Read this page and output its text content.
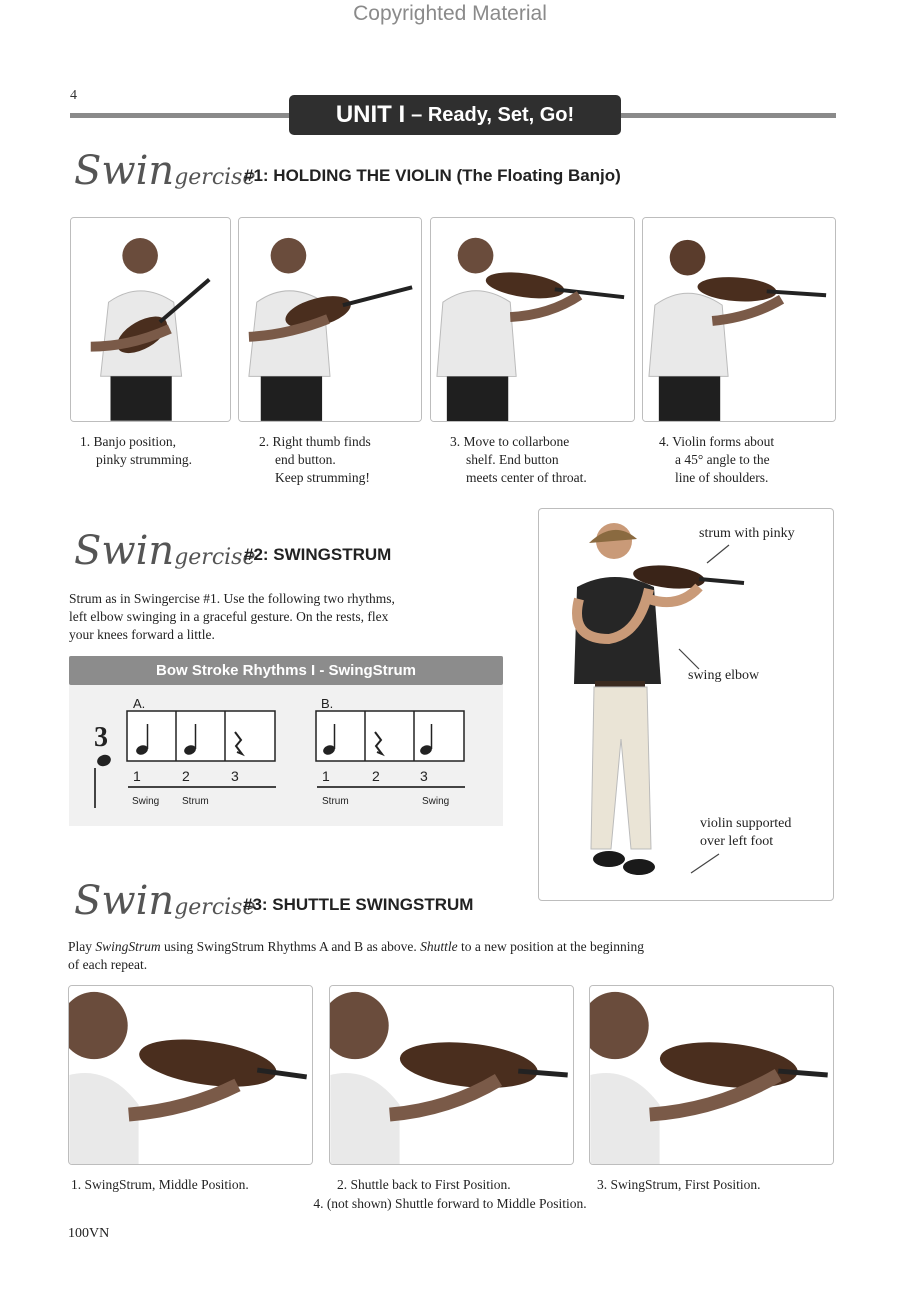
Copyrighted Material
4
UNIT I – Ready, Set, Go!
Swingercise
#1: HOLDING THE VIOLIN (The Floating Banjo)
1. Banjo position,
pinky strumming.
2. Right thumb finds
end button.
Keep strumming!
3. Move to collarbone
shelf. End button
meets center of throat.
4. Violin forms about
a 45° angle to the
line of shoulders.
Swingercise
#2: SWINGSTRUM
Strum as in Swingercise #1. Use the following two rhythms,
left elbow swinging in a graceful gesture. On the rests, flex
your knees forward a little.
Bow Stroke Rhythms I - SwingStrum
3
A.	B.
1	2	3
Swing Strum
1	2	3
Strum	Swing
strum with pinky
swing elbow
violin supported
over left foot
Swingercise
#3: SHUTTLE SWINGSTRUM
Play SwingStrum using SwingStrum Rhythms A and B as above. Shuttle to a new position at the beginning
of each repeat.
1. SwingStrum, Middle Position.	2. Shuttle back to First Position.	3. SwingStrum, First Position.
4. (not shown) Shuttle forward to Middle Position.
100VN
